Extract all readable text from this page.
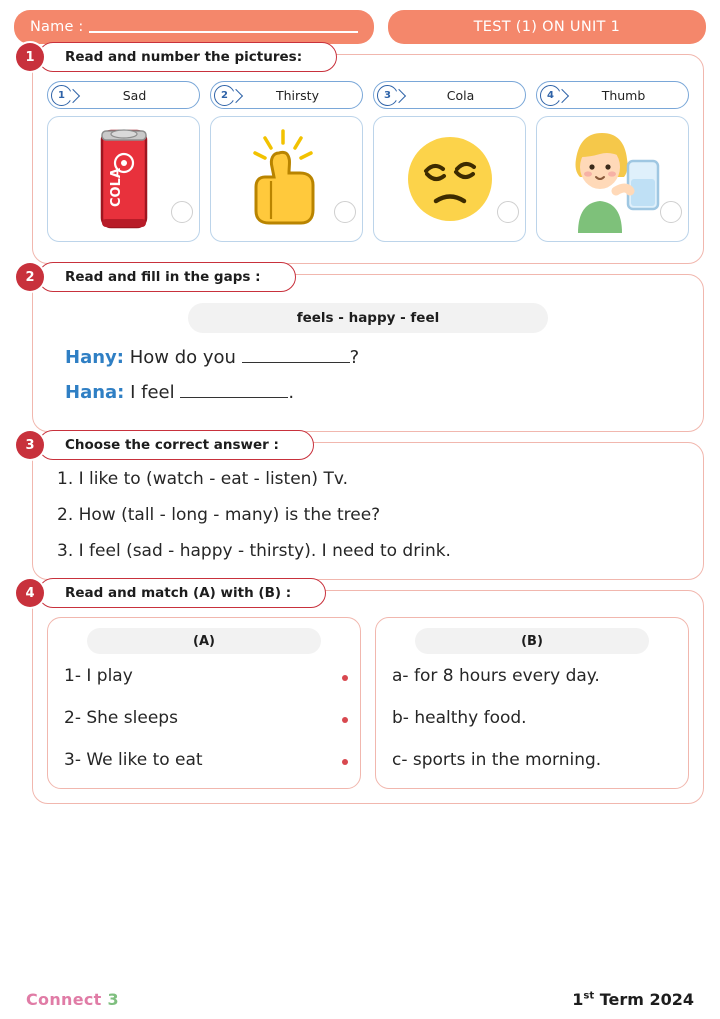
Name :	TEST (1) ON UNIT 1
1	Read and number the pictures:
1	Sad
COLA
2	Thirsty	3	Cola	4	Thumb
2	Read and fill in the gaps :
feels - happy - feel

Hany: How do you	?

Hana: I feel	.

3	Choose the correct answer :

1. I like to (watch - eat - listen) Tv.

2. How (tall - long - many) is the tree?

3. I feel (sad - happy - thirsty). I need to drink.

4	Read and match (A) with (B) :
(A)
1- I play
2- She sleeps
3- We like to eat
(B)
a- for 8 hours every day.
b- healthy food.
c- sports in the morning.
Connect 3	1st Term 2024
